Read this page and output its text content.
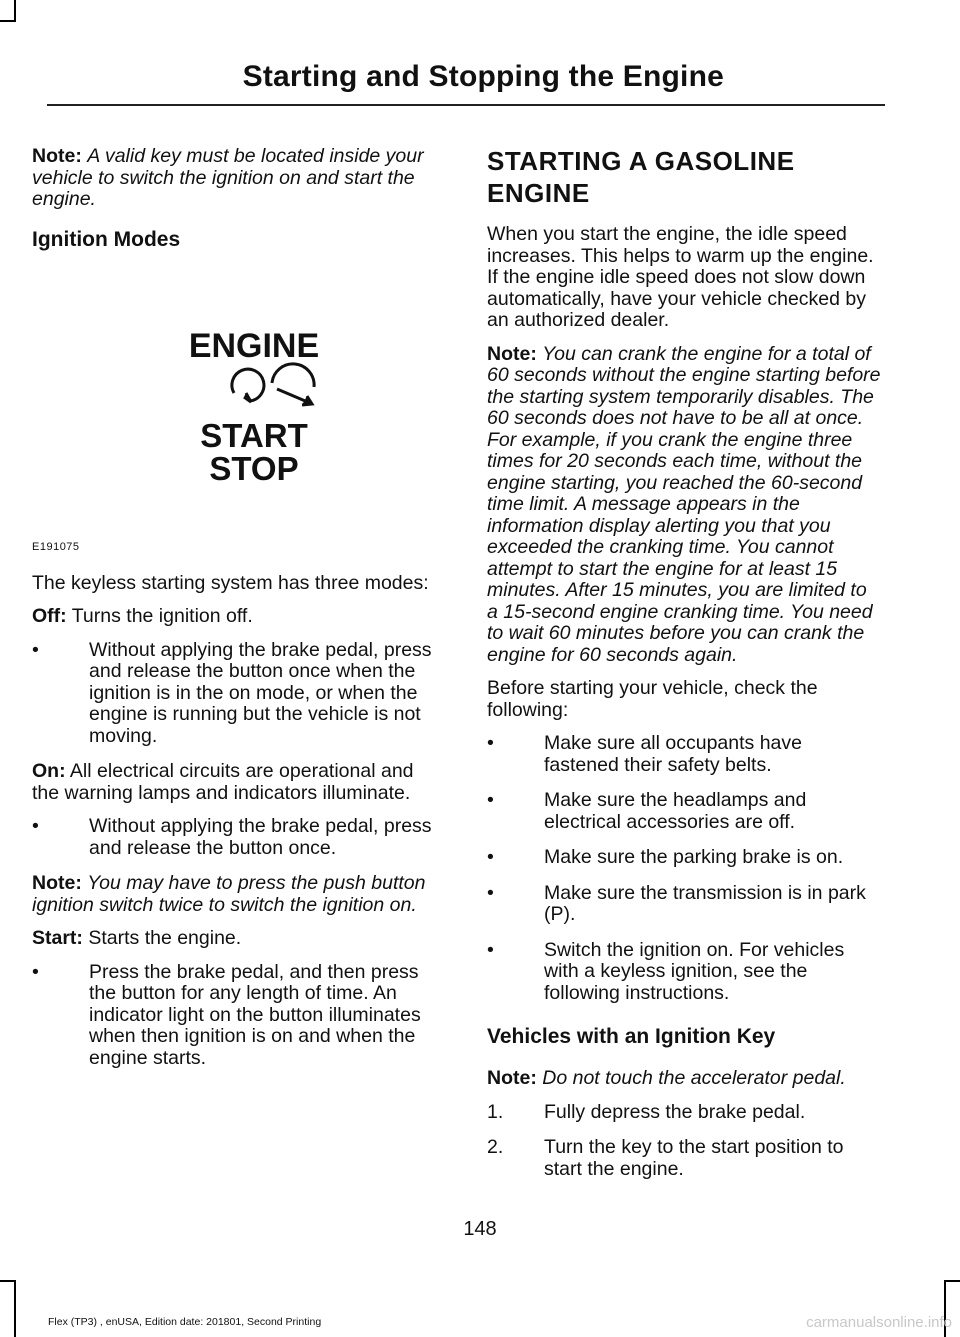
Starting and Stopping the Engine

Note: A valid key must be located inside your vehicle to switch the ignition on and start the engine.

Ignition Modes
ENGINE
START
STOP
E191075

The keyless starting system has three modes:

Off: Turns the ignition off.

•	Without applying the brake pedal, press and release the button once when the ignition is in the on mode, or when the engine is running but the vehicle is not moving.

On: All electrical circuits are operational and the warning lamps and indicators illuminate.

•	Without applying the brake pedal, press and release the button once.

Note: You may have to press the push button ignition switch twice to switch the ignition on.

Start: Starts the engine.

•	Press the brake pedal, and then press the button for any length of time. An indicator light on the button illuminates when then ignition is on and when the engine starts.
STARTING A GASOLINE
ENGINE

When you start the engine, the idle speed increases. This helps to warm up the engine. If the engine idle speed does not slow down automatically, have your vehicle checked by an authorized dealer.

Note: You can crank the engine for a total of 60 seconds without the engine starting before the starting system temporarily disables. The 60 seconds does not have to be all at once. For example, if you crank the engine three times for 20 seconds each time, without the engine starting, you reached the 60-second time limit. A message appears in the information display alerting you that you exceeded the cranking time. You cannot attempt to start the engine for at least 15 minutes. After 15 minutes, you are limited to a 15-second engine cranking time. You need to wait 60 minutes before you can crank the engine for 60 seconds again.

Before starting your vehicle, check the following:

•	Make sure all occupants have fastened their safety belts.
•	Make sure the headlamps and electrical accessories are off.
•	Make sure the parking brake is on.
•	Make sure the transmission is in park (P).
•	Switch the ignition on. For vehicles with a keyless ignition, see the following instructions.
Vehicles with an Ignition Key

Note: Do not touch the accelerator pedal.

1. Fully depress the brake pedal.
2. Turn the key to the start position to start the engine.
148
Flex (TP3) , enUSA, Edition date: 201801, Second Printing	carmanualsonline.info
